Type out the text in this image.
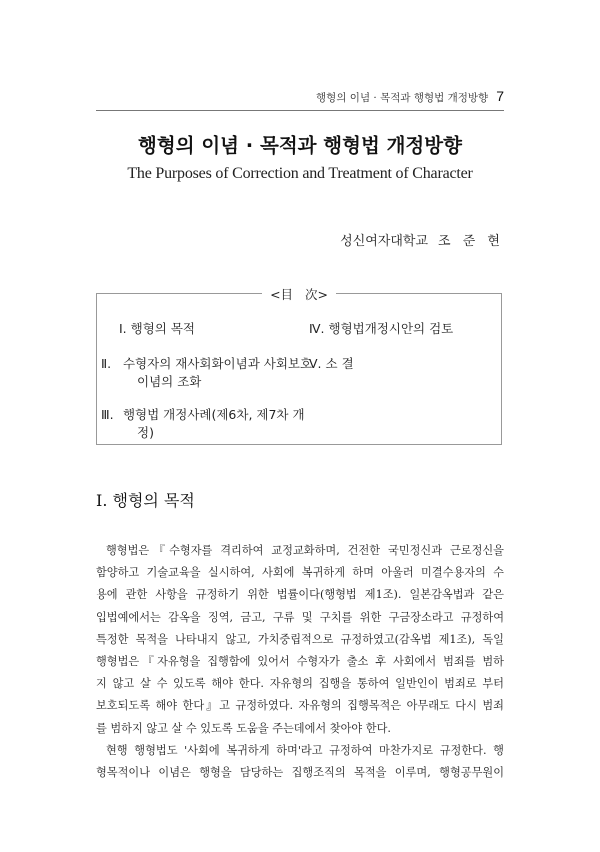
행형의 이념 · 목적과 행형법 개정방향 7
행형의 이념 · 목적과 행형법 개정방향
The Purposes of Correction and Treatment of Character
성신여자대학교 조 준 현
<目   次>
Ⅰ. 행형의 목적
Ⅱ. 수형자의 재사회화이념과 사회보호이념의 조화
Ⅲ. 행형법 개정사례(제6차, 제7차 개정)
Ⅳ. 행형법개정시안의 검토
Ⅴ. 소 결
I. 행형의 목적
행형법은『수형자를 격리하여 교정교화하며, 건전한 국민정신과 근로정신을
함양하고 기술교육을 실시하여, 사회에 복귀하게 하며 아울러 미결수용자의 수
용에 관한 사항을 규정하기 위한 법률이다(행형법 제1조). 일본감옥법과 같은
입법예에서는 감옥을 징역, 금고, 구류 및 구치를 위한 구금장소라고 규정하여
특정한 목적을 나타내지 않고, 가치중립적으로 규정하였고(감옥법 제1조), 독일
행형법은『자유형을 집행함에 있어서 수형자가 출소 후 사회에서 범죄를 범하
지 않고 살 수 있도록 해야 한다. 자유형의 집행을 통하여 일반인이 범죄로 부터
보호되도록 해야 한다』고 규정하였다. 자유형의 집행목적은 아무래도 다시 범죄
를 범하지 않고 살 수 있도록 도움을 주는데에서 찾아야 한다.
현행 행형법도 '사회에 복귀하게 하며'라고 규정하여 마찬가지로 규정한다. 행
형목적이나 이념은 행형을 담당하는 집행조직의 목적을 이루며, 행형공무원이
